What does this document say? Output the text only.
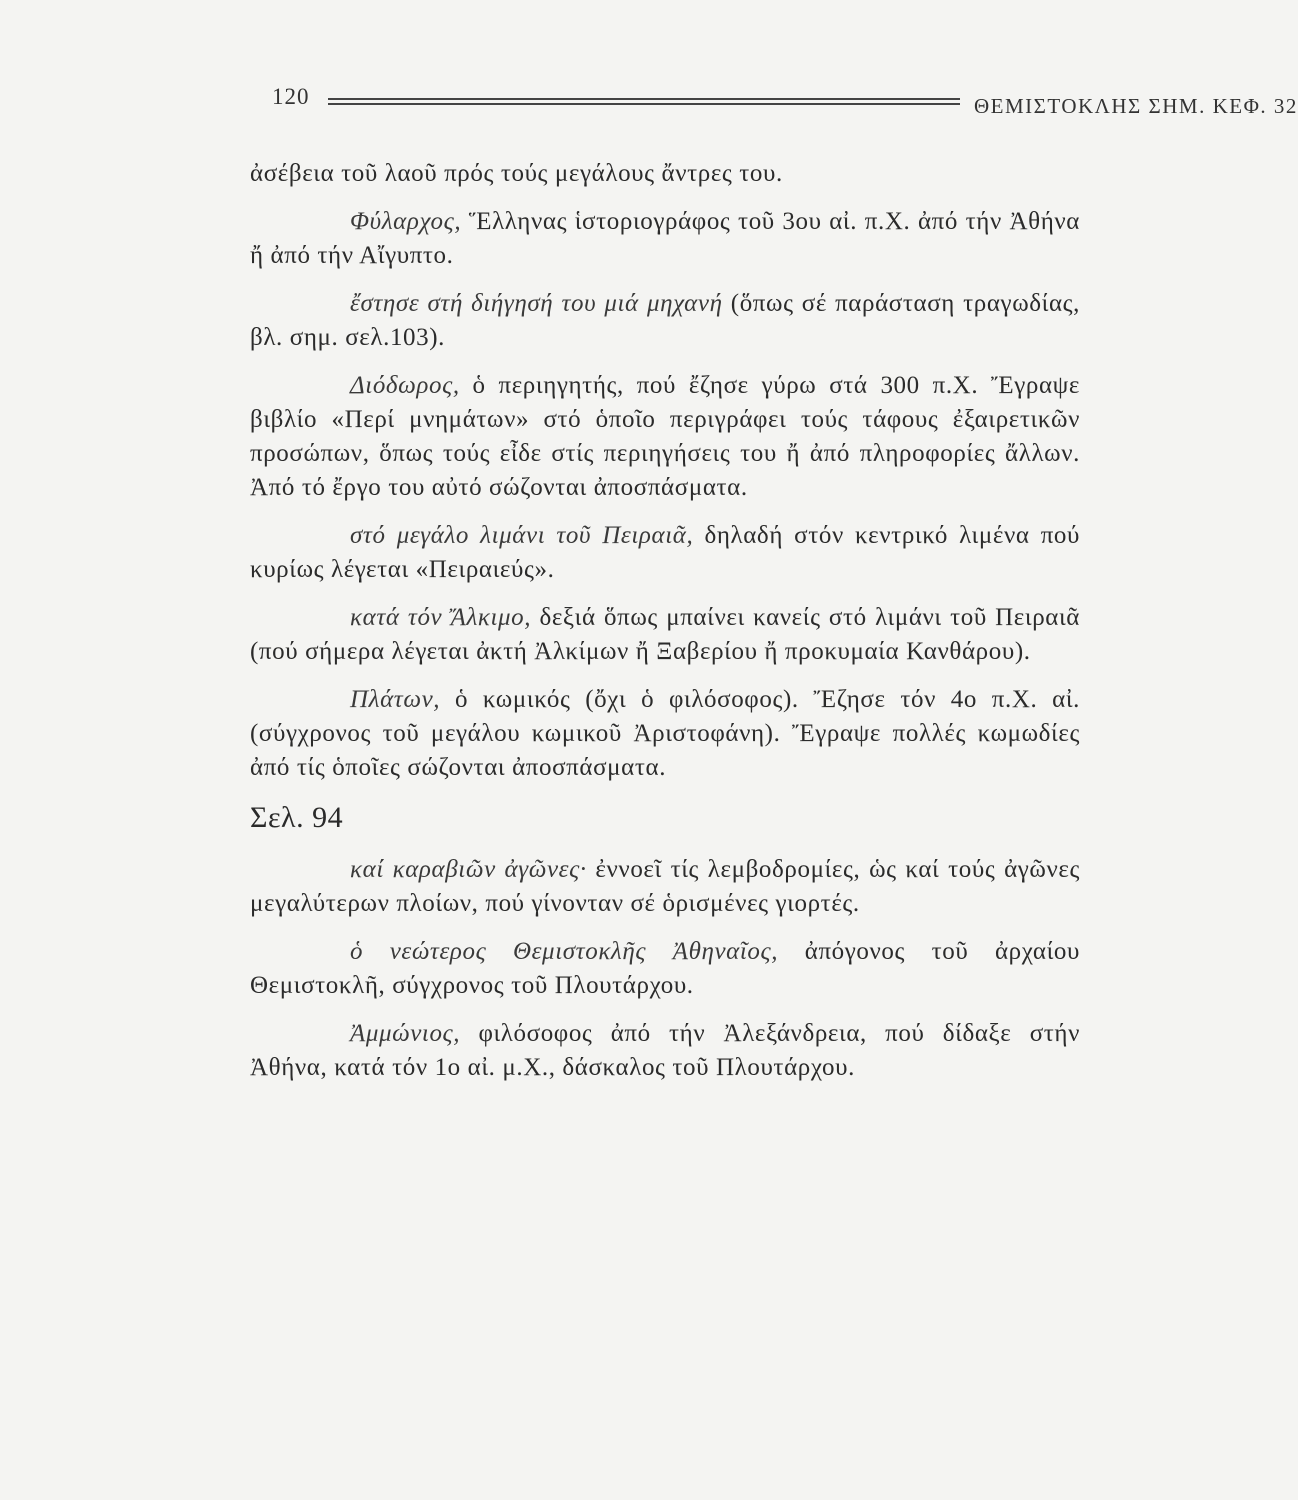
120	ΘΕΜΙΣΤΟΚΛΗΣ ΣΗΜ. ΚΕΦ. 32

ἀσέβεια τοῦ λαοῦ πρός τούς μεγάλους ἄντρες του.

Φύλαρχος, Ἕλληνας ἱστοριογράφος τοῦ 3ου αἰ. π.Χ. ἀπό τήν Ἀθήνα ἤ ἀπό τήν Αἴγυπτο.

ἔστησε στή διήγησή του μιά μηχανή (ὅπως σέ παράσταση τραγωδίας, βλ. σημ. σελ.103).

Διόδωρος, ὁ περιηγητής, πού ἔζησε γύρω στά 300 π.Χ. Ἔγραψε βιβλίο «Περί μνημάτων» στό ὁποῖο περιγράφει τούς τάφους ἐξαιρετικῶν προσώπων, ὅπως τούς εἶδε στίς περιηγήσεις του ἤ ἀπό πληροφορίες ἄλλων. Ἀπό τό ἔργο του αὐτό σώζονται ἀποσπάσματα.

στό μεγάλο λιμάνι τοῦ Πειραιᾶ, δηλαδή στόν κεντρικό λιμένα πού κυρίως λέγεται «Πειραιεύς».

κατά τόν Ἄλκιμο, δεξιά ὅπως μπαίνει κανείς στό λιμάνι τοῦ Πειραιᾶ (πού σήμερα λέγεται ἀκτή Ἀλκίμων ἤ Ξαβερίου ἤ προκυμαία Κανθάρου).

Πλάτων, ὁ κωμικός (ὄχι ὁ φιλόσοφος). Ἔζησε τόν 4ο π.Χ. αἰ. (σύγχρονος τοῦ μεγάλου κωμικοῦ Ἀριστοφάνη). Ἔγραψε πολλές κωμωδίες ἀπό τίς ὁποῖες σώζονται ἀποσπάσματα.

Σελ. 94

καί καραβιῶν ἀγῶνες· ἐννοεῖ τίς λεμβοδρομίες, ὡς καί τούς ἀγῶνες μεγαλύτερων πλοίων, πού γίνονταν σέ ὁρισμένες γιορτές.

ὁ νεώτερος Θεμιστοκλῆς Ἀθηναῖος, ἀπόγονος τοῦ ἀρχαίου Θεμιστοκλῆ, σύγχρονος τοῦ Πλουτάρχου.

Ἀμμώνιος, φιλόσοφος ἀπό τήν Ἀλεξάνδρεια, πού δίδαξε στήν Ἀθήνα, κατά τόν 1ο αἰ. μ.Χ., δάσκαλος τοῦ Πλουτάρχου.
